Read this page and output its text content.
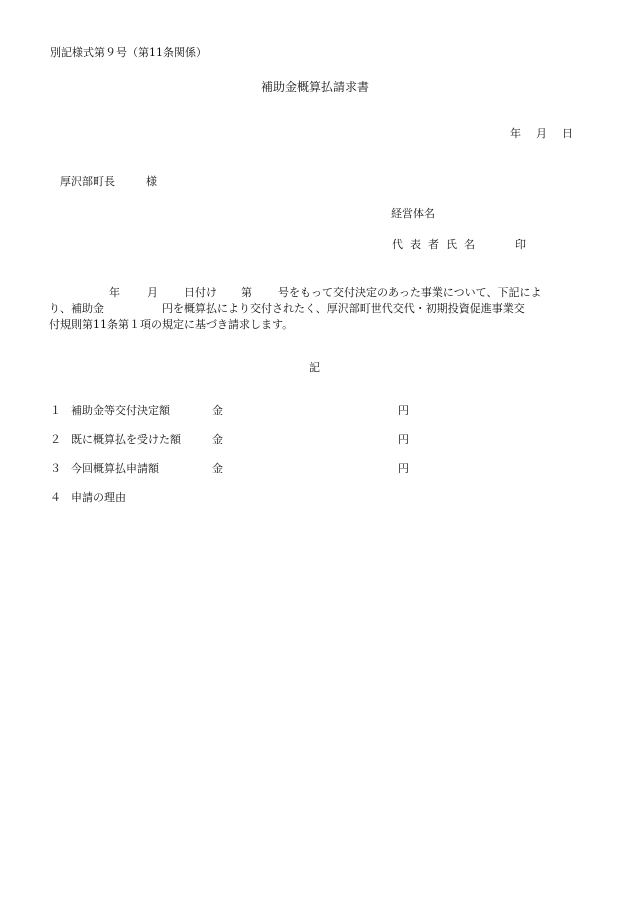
別記様式第９号（第11条関係）
補助金概算払請求書
年 月 日
厚沢部町長	様
経営体名
代 表 者 氏 名	印
年 月 日付け 第 号をもって交付決定のあった事業について、下記によ
り、補助金	円を概算払により交付されたく、厚沢部町世代交代・初期投資促進事業交
付規則第11条第１項の規定に基づき請求します。
記
１ 補助金等交付決定額	金	円
２ 既に概算払を受けた額	金	円
３ 今回概算払申請額	金	円
４ 申請の理由
